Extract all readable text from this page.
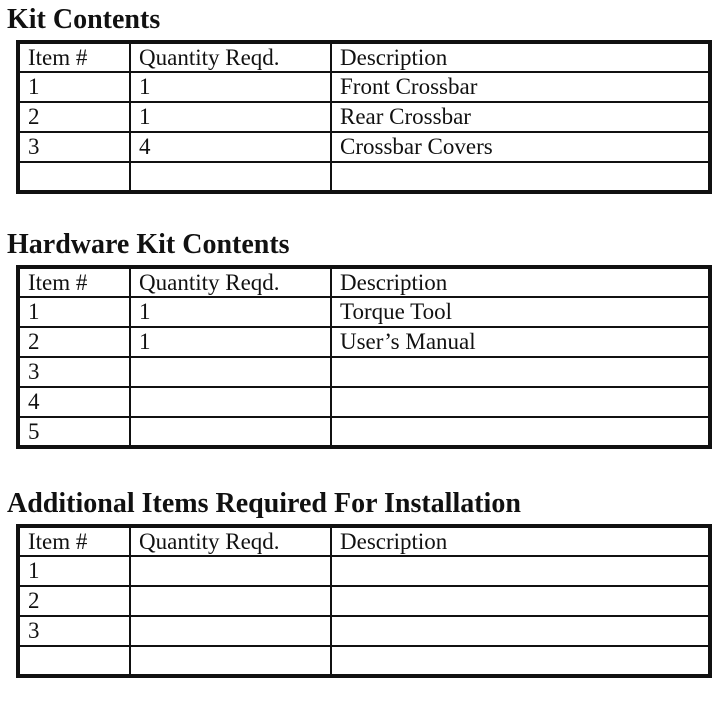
Kit Contents
Item #	Quantity Reqd.	Description
1	1	Front Crossbar
2	1	Rear Crossbar
3	4	Crossbar Covers

Hardware Kit Contents
Item #	Quantity Reqd.	Description
1	1	Torque Tool
2	1	User’s Manual
3		
4		
5		
Additional Items Required For Installation
Item #	Quantity Reqd.	Description
1		
2		
3		
